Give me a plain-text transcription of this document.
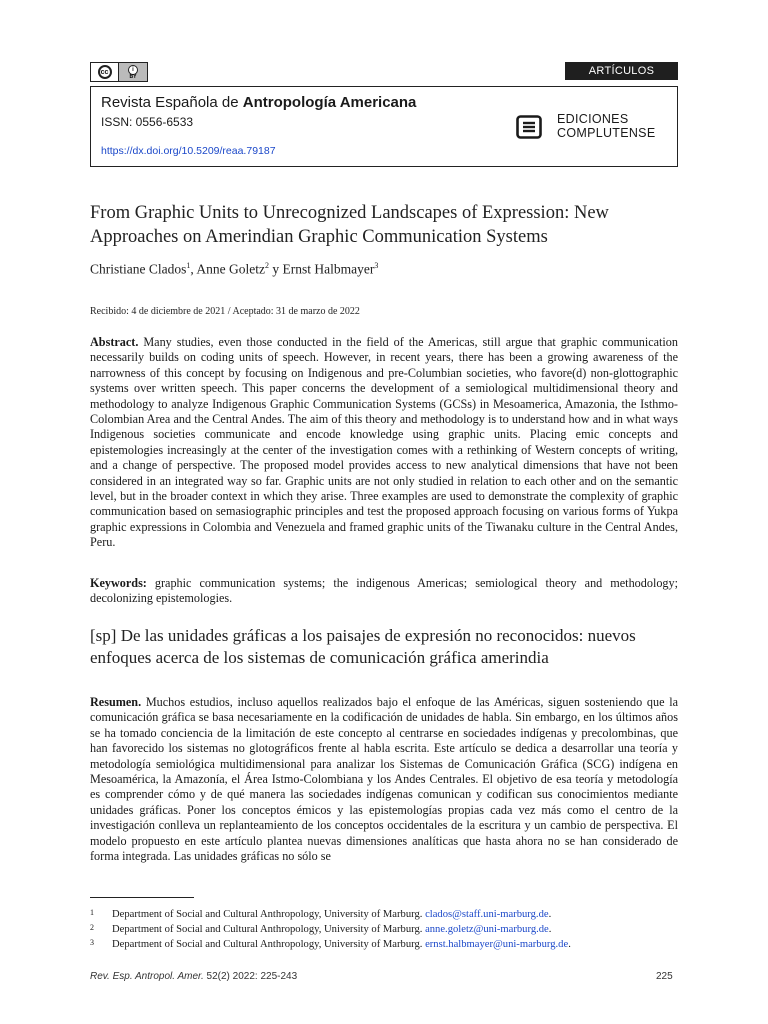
cc	i
BY	ARTÍCULOS
Revista Española de Antropología Americana
ISSN: 0556-6533
https://dx.doi.org/10.5209/reaa.79187
EDICIONES
COMPLUTENSE
From Graphic Units to Unrecognized Landscapes of Expression: New Approaches on Amerindian Graphic Communication Systems
Christiane Clados$^1$, Anne Goletz$^2$ y Ernst Halbmayer$^3$
Recibido: 4 de diciembre de 2021 / Aceptado: 31 de marzo de 2022
Abstract. Many studies, even those conducted in the field of the Americas, still argue that graphic communication necessarily builds on coding units of speech. However, in recent years, there has been a growing awareness of the narrowness of this concept by focusing on Indigenous and pre-Columbian societies, who favore(d) non-glottographic systems over written speech. This paper concerns the development of a semiological multidimensional theory and methodology to analyze Indigenous Graphic Communication Systems (GCSs) in Mesoamerica, Amazonia, the Isthmo-Colombian Area and the Central Andes. The aim of this theory and methodology is to understand how and in what ways Indigenous societies communicate and encode knowledge using graphic units. Placing emic concepts and epistemologies increasingly at the center of the investigation comes with a rethinking of Western concepts of writing, and a change of perspective. The proposed model provides access to new analytical dimensions that have not been considered in an integrated way so far. Graphic units are not only studied in relation to each other and on the semantic level, but in the broader context in which they arise. Three examples are used to demonstrate the complexity of graphic communication based on semasiographic principles and test the proposed approach focusing on various forms of Yukpa graphic expressions in Colombia and Venezuela and framed graphic units of the Tiwanaku culture in the Central Andes, Peru.
Keywords: graphic communication systems; the indigenous Americas; semiological theory and methodology; decolonizing epistemologies.
[sp] De las unidades gráficas a los paisajes de expresión no reconocidos: nuevos enfoques acerca de los sistemas de comunicación gráfica amerindia
Resumen. Muchos estudios, incluso aquellos realizados bajo el enfoque de las Américas, siguen sosteniendo que la comunicación gráfica se basa necesariamente en la codificación de unidades de habla. Sin embargo, en los últimos años se ha tomado conciencia de la limitación de este concepto al centrarse en sociedades indígenas y precolombinas, que han favorecido los sistemas no glotográficos frente al habla escrita. Este artículo se dedica a desarrollar una teoría y metodología semiológica multidimensional para analizar los Sistemas de Comunicación Gráfica (SCG) indígena en Mesoamérica, la Amazonía, el Área Istmo-Colombiana y los Andes Centrales. El objetivo de esa teoría y metodología es comprender cómo y de qué manera las sociedades indígenas comunican y codifican sus conocimientos mediante unidades gráficas. Poner los conceptos émicos y las epistemologías propias cada vez más como el centro de la investigación conlleva un replanteamiento de los conceptos occidentales de la escritura y un cambio de perspectiva. El modelo propuesto en este artículo plantea nuevas dimensiones analíticas que hasta ahora no se han considerado de forma integrada. Las unidades gráficas no sólo se
1 Department of Social and Cultural Anthropology, University of Marburg. clados@staff.uni-marburg.de.
2 Department of Social and Cultural Anthropology, University of Marburg. anne.goletz@uni-marburg.de.
3 Department of Social and Cultural Anthropology, University of Marburg. ernst.halbmayer@uni-marburg.de.
Rev. Esp. Antropol. Amer. 52(2) 2022: 225-243	225
